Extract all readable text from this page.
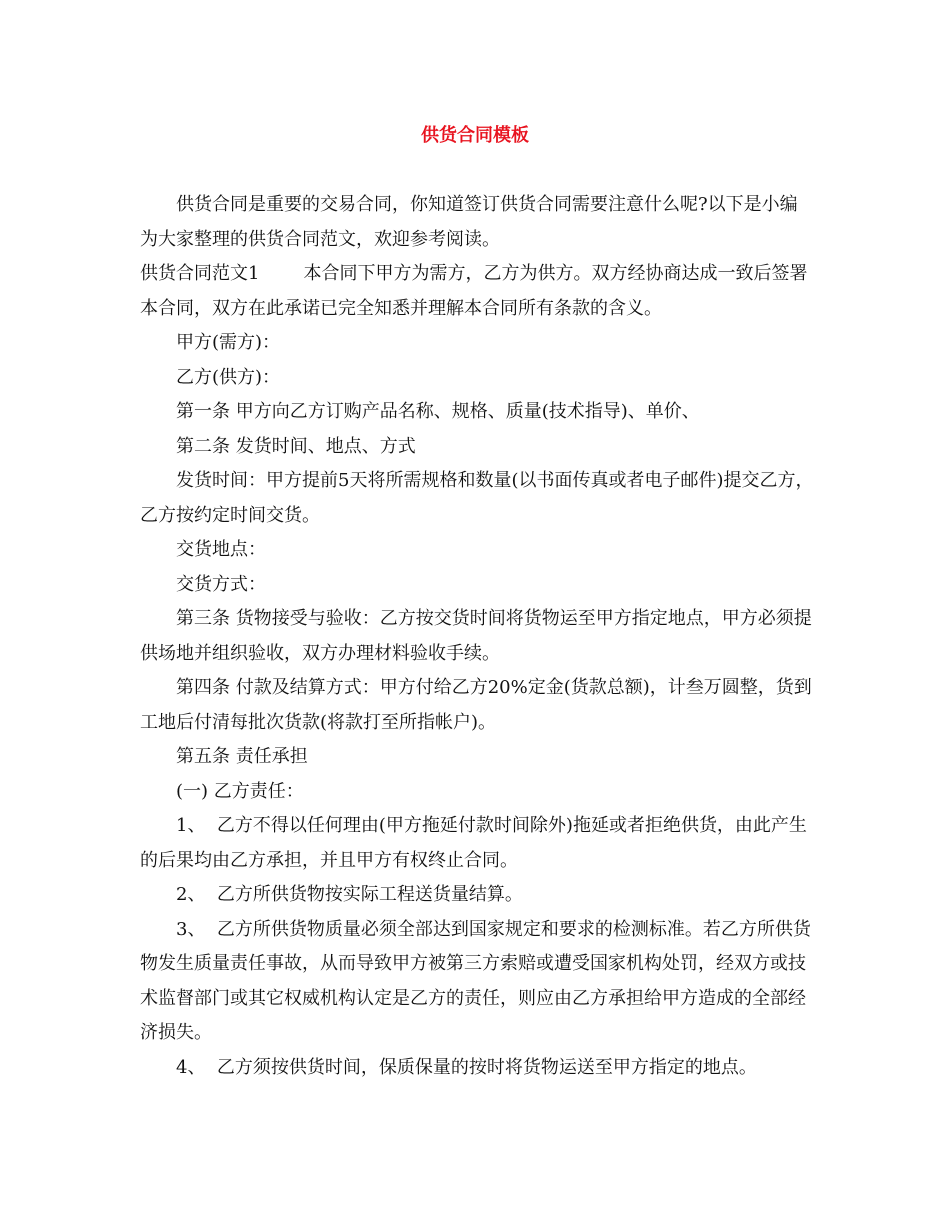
供货合同模板

供货合同是重要的交易合同，你知道签订供货合同需要注意什么呢?以下是小编为大家整理的供货合同范文，欢迎参考阅读。

供货合同范文1 本合同下甲方为需方，乙方为供方。双方经协商达成一致后签署本合同，双方在此承诺已完全知悉并理解本合同所有条款的含义。

甲方(需方)：

乙方(供方)：

第一条 甲方向乙方订购产品名称、规格、质量(技术指导)、单价、

第二条 发货时间、地点、方式

发货时间：甲方提前5天将所需规格和数量(以书面传真或者电子邮件)提交乙方，乙方按约定时间交货。

交货地点：

交货方式：

第三条 货物接受与验收：乙方按交货时间将货物运至甲方指定地点，甲方必须提供场地并组织验收，双方办理材料验收手续。

第四条 付款及结算方式：甲方付给乙方20%定金(货款总额)，计叁万圆整，货到工地后付清每批次货款(将款打至所指帐户)。

第五条 责任承担

(一) 乙方责任：

1、  乙方不得以任何理由(甲方拖延付款时间除外)拖延或者拒绝供货，由此产生的后果均由乙方承担，并且甲方有权终止合同。

2、  乙方所供货物按实际工程送货量结算。

3、  乙方所供货物质量必须全部达到国家规定和要求的检测标准。若乙方所供货物发生质量责任事故，从而导致甲方被第三方索赔或遭受国家机构处罚，经双方或技术监督部门或其它权威机构认定是乙方的责任，则应由乙方承担给甲方造成的全部经济损失。

4、  乙方须按供货时间，保质保量的按时将货物运送至甲方指定的地点。
